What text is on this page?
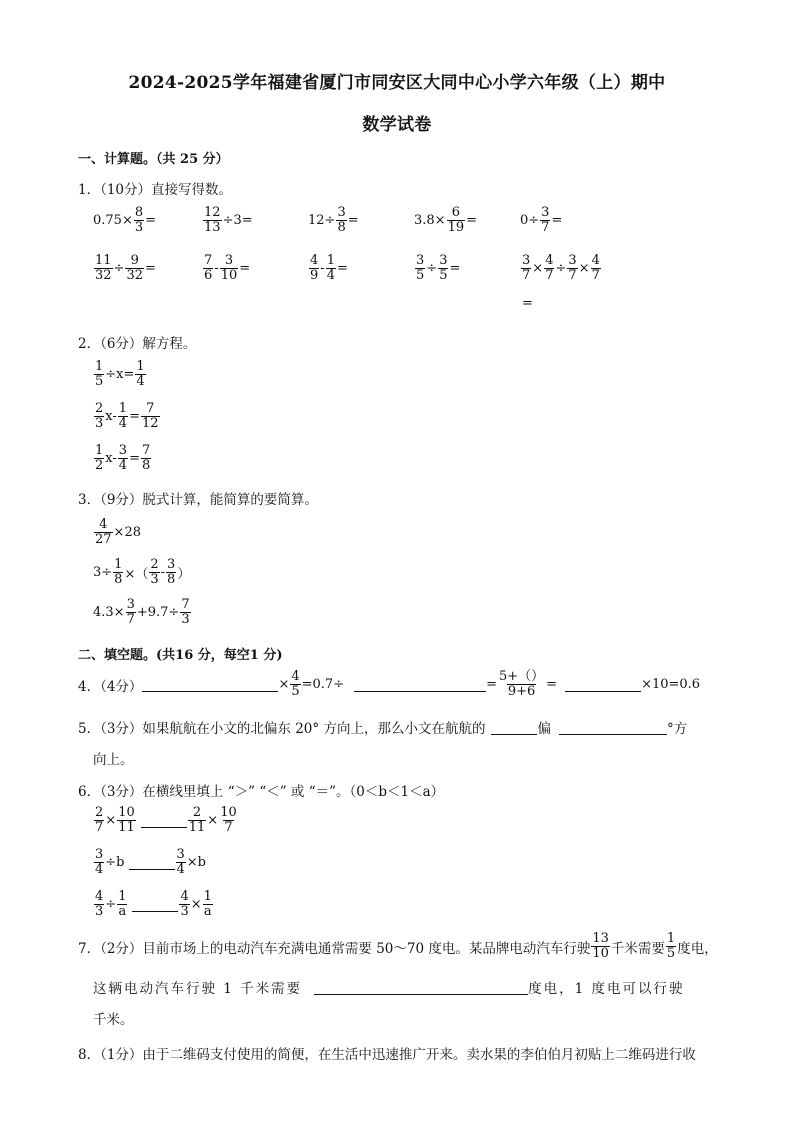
2024-2025学年福建省厦门市同安区大同中心小学六年级（上）期中
数学试卷
一、计算题。（共 25 分）
1．（10分）直接写得数。
$0.75\times \frac{8}{3}$ =	$\frac{12}{13} \div 3=$	$12\div \frac{3}{8}$ =	$3.8\times \frac{6}{19}$ =	$0\div \frac{3}{7}$ =
$\frac{11}{32} \div \frac{9}{32}$ =	$\frac{7}{6} - \frac{3}{10}$ =	$\frac{4}{9} - \frac{1}{4}$ =	$\frac{3}{5} \div \frac{3}{5}$ =	$\frac{3}{7} \times \frac{4}{7} \div \frac{3}{7} \times \frac{4}{7}$
=
2．（6分）解方程。
$\frac{1}{5} \div x= \frac{1}{4}$
$\frac{2}{3} x- \frac{1}{4} = \frac{7}{12}$
$\frac{1}{2} x- \frac{3}{4} = \frac{7}{8}$
3．（9分）脱式计算，能简算的要简算。
$\frac{4}{27} \times 28$
$3\div \frac{1}{8}$ ×（ $\frac{2}{3} - \frac{3}{8}$ ）
$4.3\times \frac{3}{7} +9.7\div \frac{7}{3}$
二、填空题。(共16 分，每空1 分)
4．（4分）	× $\frac{4}{5} =0.7\div$	= $\frac{5+()}{9+6}$ =	×10=0.6
5．（3分）如果航航在小文的北偏东 20° 方向上，那么小文在航航的	偏	°方
向上。
6．（3分）在横线里填上 “＞” “＜” 或 “＝”。（0＜b＜1＜a）
$\frac{2}{7} \times \frac{10}{11}$	$\frac{2}{11} \times \frac{10}{7}$
$\frac{3}{4} \div b$	$\frac{3}{4} \times b$
$\frac{4}{3} \div \frac{1}{a}$	$\frac{4}{3} \times \frac{1}{a}$
7．（2分）目前市场上的电动汽车充满电通常需要 50～70 度电。某品牌电动汽车行驶 $\frac{13}{10}$ 千米需要 $\frac{1}{5}$ 度电，
这辆电动汽车行驶 1 千米需要	度电，1 度电可以行驶
千米。
8．（1分）由于二维码支付使用的简便，在生活中迅速推广开来。卖水果的李伯伯月初贴上二维码进行收
